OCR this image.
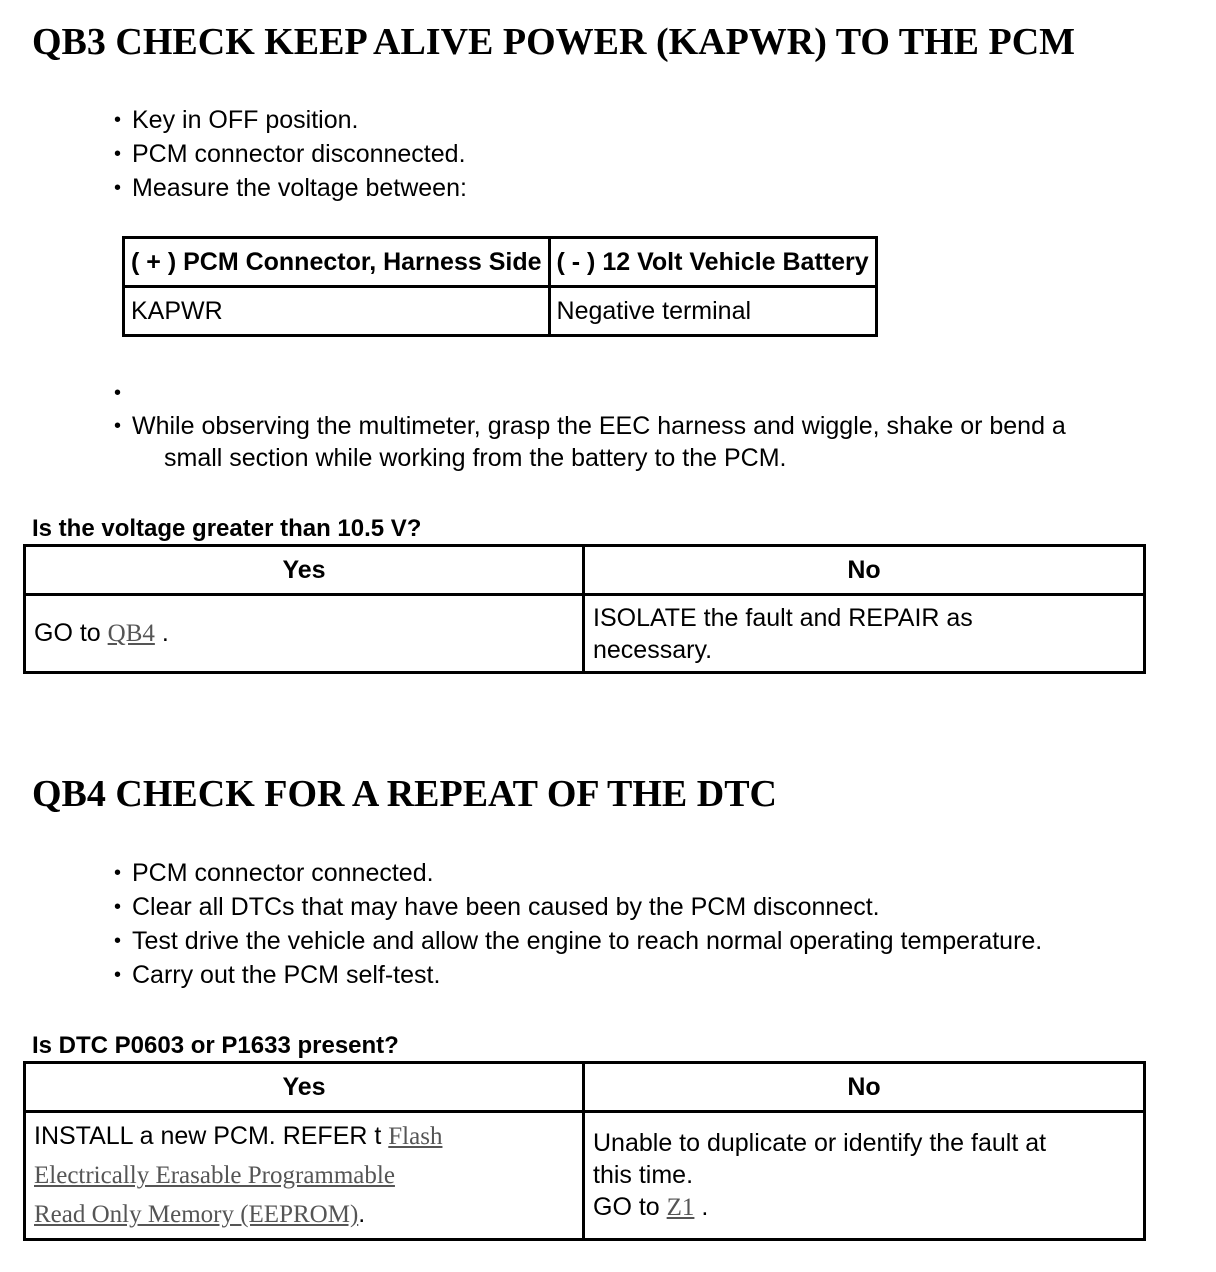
QB3 CHECK KEEP ALIVE POWER (KAPWR) TO THE PCM
• Key in OFF position.
• PCM connector disconnected.
• Measure the voltage between:
( + ) PCM Connector, Harness Side	( - ) 12 Volt Vehicle Battery
KAPWR	Negative terminal
•
• While observing the multimeter, grasp the EEC harness and wiggle, shake or bend a
small section while working from the battery to the PCM.
Is the voltage greater than 10.5 V?
Yes	No
GO to QB4 .	ISOLATE the fault and REPAIR as
necessary.
QB4 CHECK FOR A REPEAT OF THE DTC
• PCM connector connected.
• Clear all DTCs that may have been caused by the PCM disconnect.
• Test drive the vehicle and allow the engine to reach normal operating temperature.
• Carry out the PCM self-test.
Is DTC P0603 or P1633 present?
Yes	No
INSTALL a new PCM. REFER t Flash
Electrically Erasable Programmable
Read Only Memory (EEPROM).	Unable to duplicate or identify the fault at
this time.
GO to Z1 .
